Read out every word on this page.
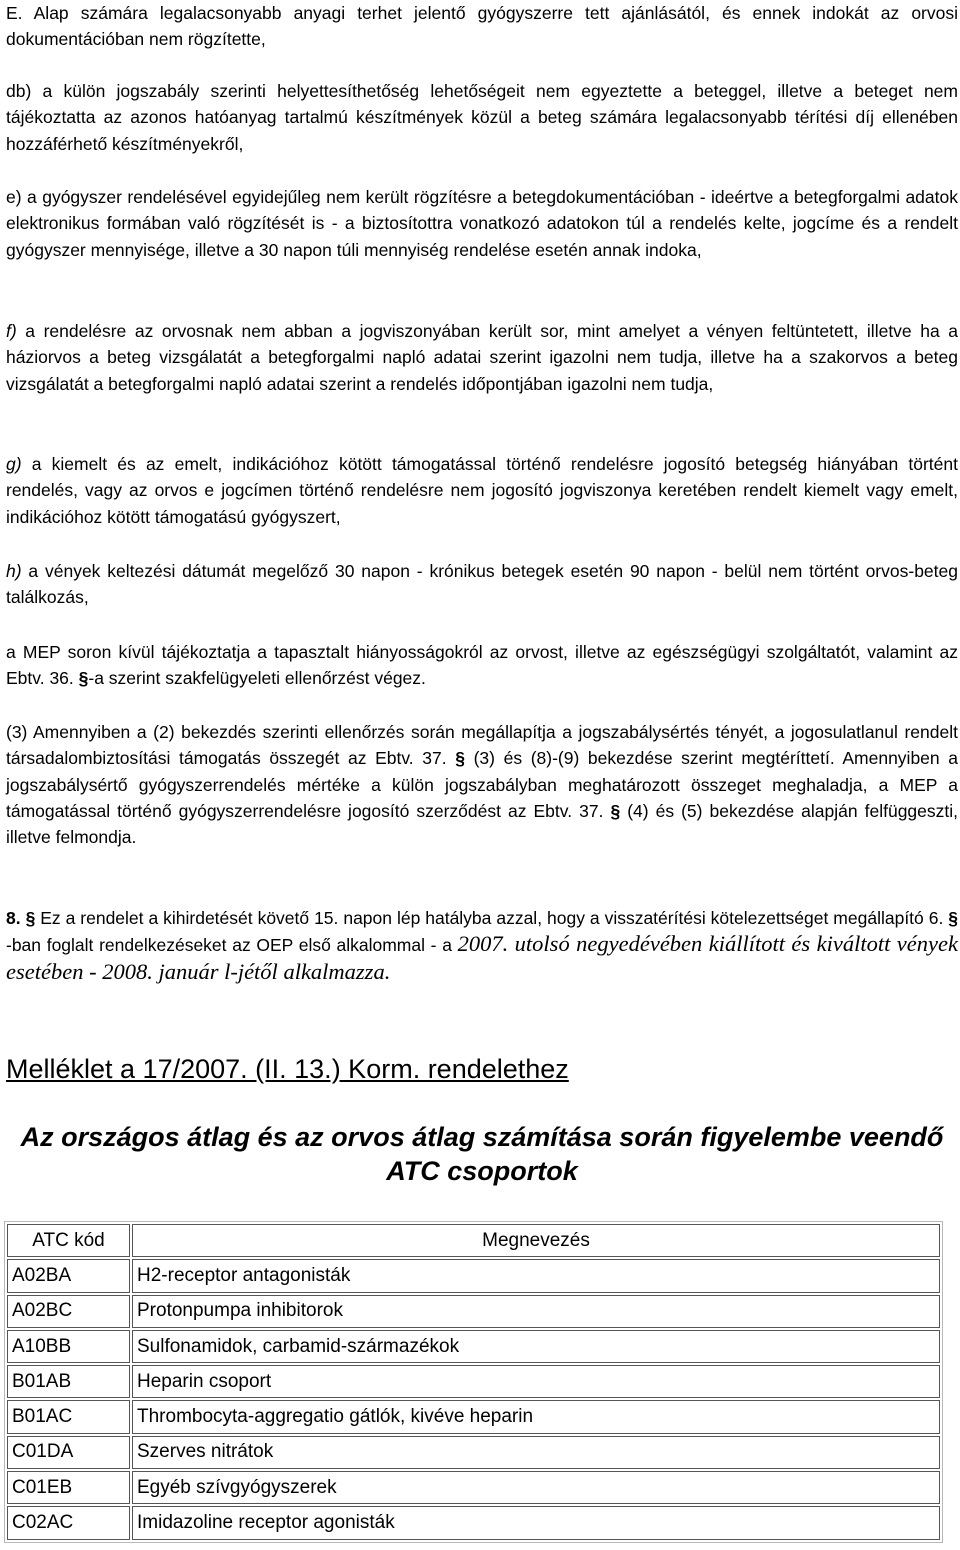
E. Alap számára legalacsonyabb anyagi terhet jelentő gyógyszerre tett ajánlásától, és ennek indokát az orvosi dokumentációban nem rögzítette,

db) a külön jogszabály szerinti helyettesíthetőség lehetőségeit nem egyeztette a beteggel, illetve a beteget nem tájékoztatta az azonos hatóanyag tartalmú készítmények közül a beteg számára legalacsonyabb térítési díj ellenében hozzáférhető készítményekről,

e) a gyógyszer rendelésével egyidejűleg nem került rögzítésre a betegdokumentációban - ideértve a betegforgalmi adatok elektronikus formában való rögzítését is - a biztosítottra vonatkozó adatokon túl a rendelés kelte, jogcíme és a rendelt gyógyszer mennyisége, illetve a 30 napon túli mennyiség rendelése esetén annak indoka,

f) a rendelésre az orvosnak nem abban a jogviszonyában került sor, mint amelyet a vényen feltüntetett, illetve ha a háziorvos a beteg vizsgálatát a betegforgalmi napló adatai szerint igazolni nem tudja, illetve ha a szakorvos a beteg vizsgálatát a betegforgalmi napló adatai szerint a rendelés időpontjában igazolni nem tudja,

g) a kiemelt és az emelt, indikációhoz kötött támogatással történő rendelésre jogosító betegség hiányában történt rendelés, vagy az orvos e jogcímen történő rendelésre nem jogosító jogviszonya keretében rendelt kiemelt vagy emelt, indikációhoz kötött támogatású gyógyszert,

h) a vények keltezési dátumát megelőző 30 napon - krónikus betegek esetén 90 napon - belül nem történt orvos-beteg találkozás,

a MEP soron kívül tájékoztatja a tapasztalt hiányosságokról az orvost, illetve az egészségügyi szolgáltatót, valamint az Ebtv. 36. §-a szerint szakfelügyeleti ellenőrzést végez.

(3) Amennyiben a (2) bekezdés szerinti ellenőrzés során megállapítja a jogszabálysértés tényét, a jogosulatlanul rendelt társadalombiztosítási támogatás összegét az Ebtv. 37. § (3) és (8)-(9) bekezdése szerint megtéríttetí. Amennyiben a jogszabálysértő gyógyszerrendelés mértéke a külön jogszabályban meghatározott összeget meghaladja, a MEP a támogatással történő gyógyszerrendelésre jogosító szerződést az Ebtv. 37. § (4) és (5) bekezdése alapján felfüggeszti, illetve felmondja.

8. § Ez a rendelet a kihirdetését követő 15. napon lép hatályba azzal, hogy a visszatérítési kötelezettséget megállapító 6. §-ban foglalt rendelkezéseket az OEP első alkalommal - a 2007. utolsó negyedévében kiállított és kiváltott vények esetében - 2008. január l-jétől alkalmazza.

Melléklet a 17/2007. (II. 13.) Korm. rendelethez
Az országos átlag és az orvos átlag számítása során figyelembe veendő ATC csoportok
ATC kód	Megnevezés
A02BA	H2-receptor antagonisták
A02BC	Protonpumpa inhibitorok
A10BB	Sulfonamidok, carbamid-származékok
B01AB	Heparin csoport
B01AC	Thrombocyta-aggregatio gátlók, kivéve heparin
C01DA	Szerves nitrátok
C01EB	Egyéb szívgyógyszerek
C02AC	Imidazoline receptor agonisták
